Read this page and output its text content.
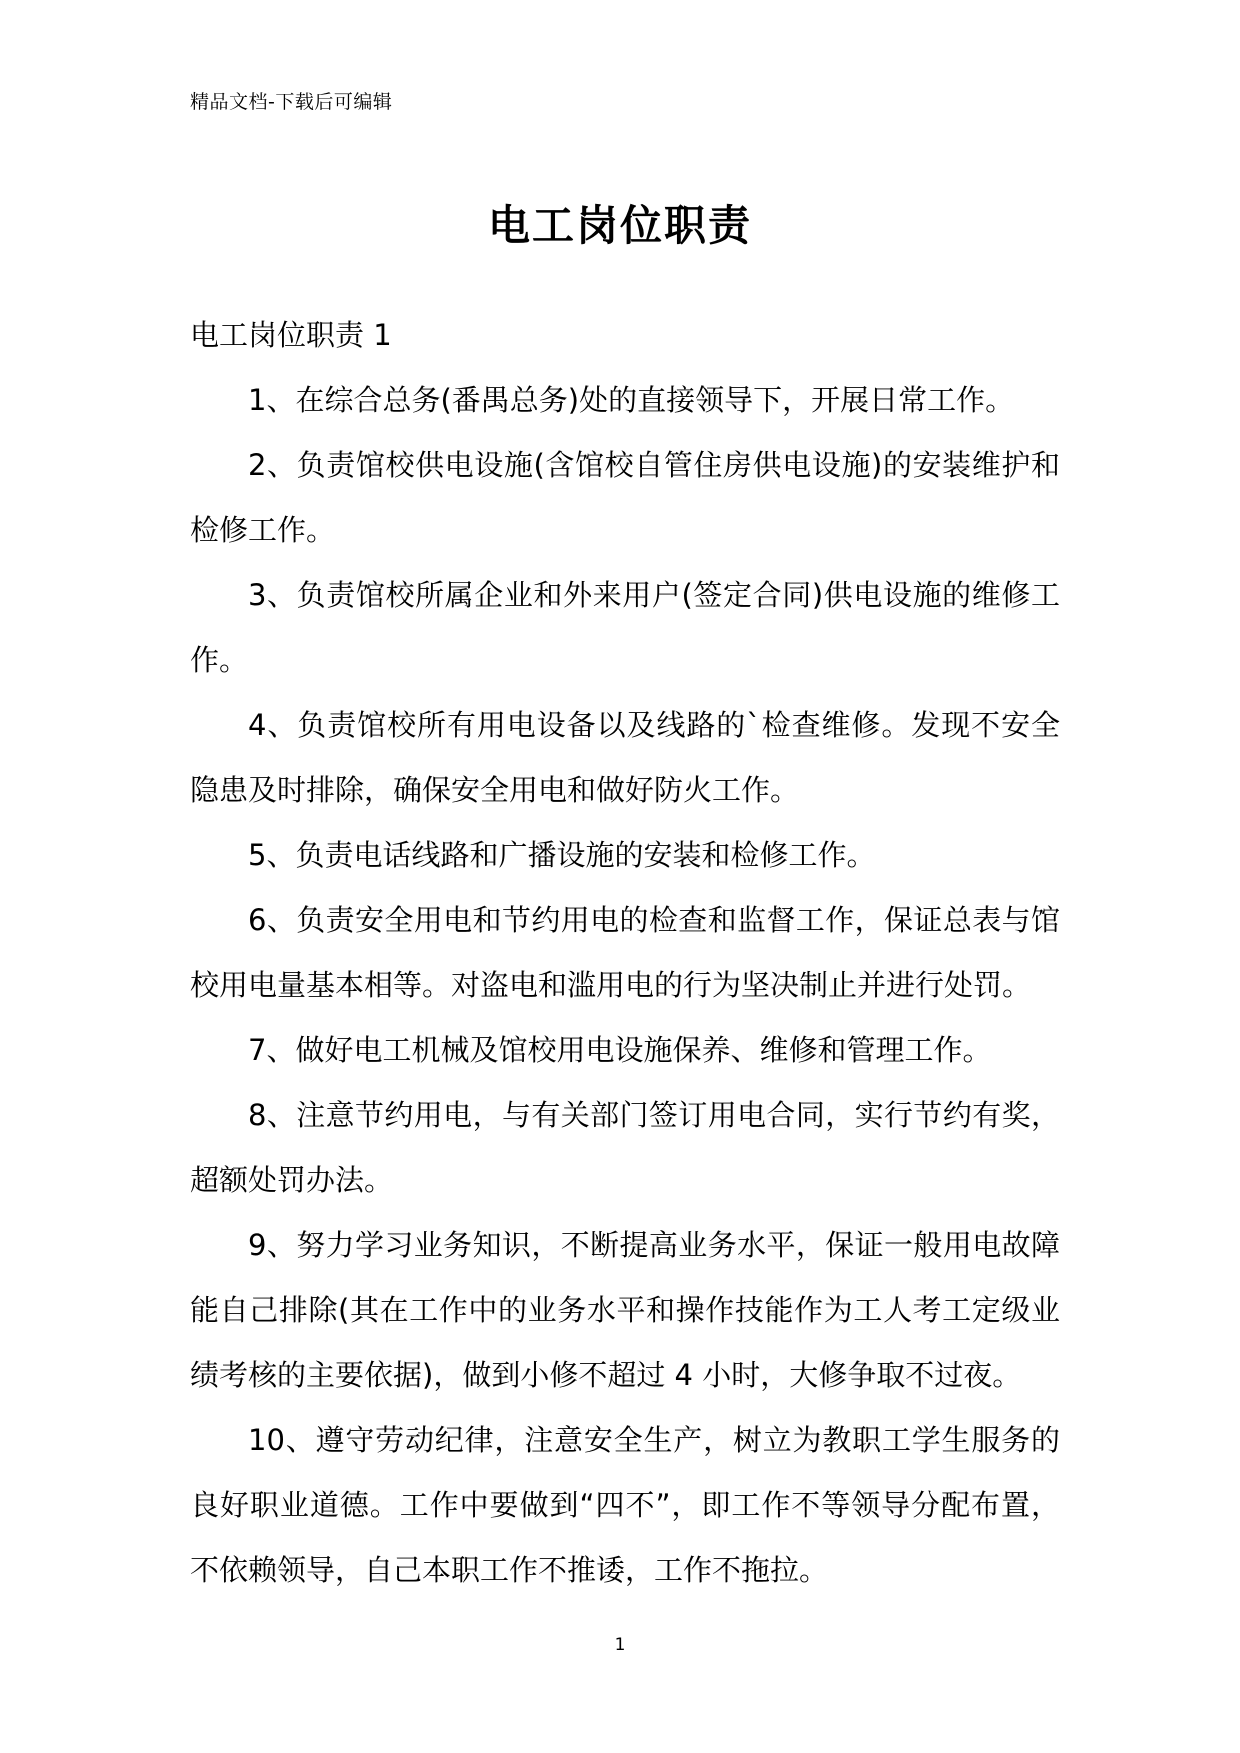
精品文档-下载后可编辑
电工岗位职责

电工岗位职责 1

1、在综合总务(番禺总务)处的直接领导下，开展日常工作。

2、负责馆校供电设施(含馆校自管住房供电设施)的安装维护和检修工作。

3、负责馆校所属企业和外来用户(签定合同)供电设施的维修工作。

4、负责馆校所有用电设备以及线路的`检查维修。发现不安全隐患及时排除，确保安全用电和做好防火工作。

5、负责电话线路和广播设施的安装和检修工作。

6、负责安全用电和节约用电的检查和监督工作，保证总表与馆校用电量基本相等。对盗电和滥用电的行为坚决制止并进行处罚。

7、做好电工机械及馆校用电设施保养、维修和管理工作。

8、注意节约用电，与有关部门签订用电合同，实行节约有奖，超额处罚办法。

9、努力学习业务知识，不断提高业务水平，保证一般用电故障能自己排除(其在工作中的业务水平和操作技能作为工人考工定级业绩考核的主要依据)，做到小修不超过 4 小时，大修争取不过夜。

10、遵守劳动纪律，注意安全生产，树立为教职工学生服务的良好职业道德。工作中要做到“四不”，即工作不等领导分配布置，不依赖领导，自己本职工作不推诿，工作不拖拉。

1
